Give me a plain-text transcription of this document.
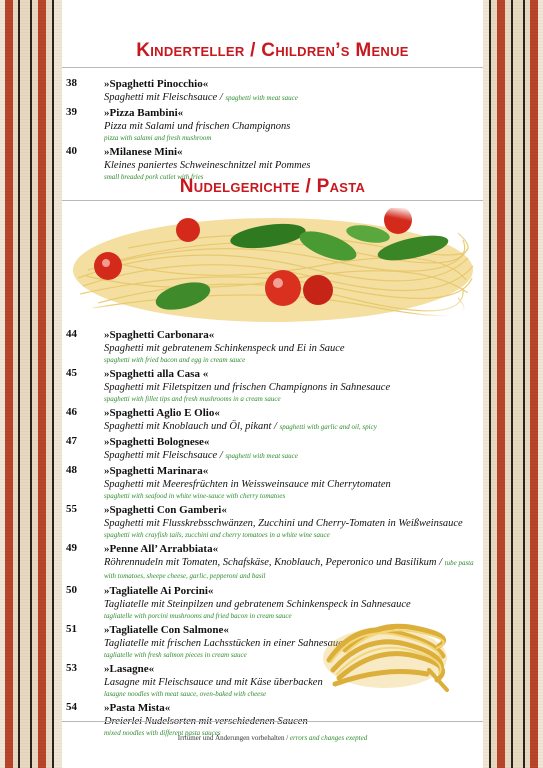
Kinderteller / Children’s Menue
38 »Spaghetti Pinocchio«
Spaghetti mit Fleischsauce / spaghetti with meat sauce
39 »Pizza Bambini«
Pizza mit Salami und frischen Champignons
pizza with salami and fresh mushroom
40 »Milanese Mini«
Kleines paniertes Schweineschnitzel mit Pommes
small breaded pork cutlet with fries
Nudelgerichte / Pasta
44 »Spaghetti Carbonara«
Spaghetti mit gebratenem Schinkenspeck und Ei in Sauce
spaghetti with fried bacon and egg in cream sauce
45 »Spaghetti alla Casa «
Spaghetti mit Filetspitzen und frischen Champignons in Sahnesauce
spaghetti with fillet tips and fresh mushrooms in a cream sauce
46 »Spaghetti Aglio E Olio«
Spaghetti mit Knoblauch und Öl, pikant / spaghetti with garlic and oil, spicy
47 »Spaghetti Bolognese«
Spaghetti mit Fleischsauce / spaghetti with meat sauce
48 »Spaghetti Marinara«
Spaghetti mit Meeresfrüchten in Weissweinsauce mit Cherrytomaten
spaghetti with seafood in white wine-sauce with cherry tomatoes
55 »Spaghetti Con Gamberi«
Spaghetti mit Flusskrebsschwänzen, Zucchini und Cherry-Tomaten in Weißweinsauce
spaghetti with crayfish tails, zucchini and cherry tomatoes in a white wine sauce
49 »Penne All’ Arrabbiata«
Röhrennudeln mit Tomaten, Schafskäse, Knoblauch, Peperonico und Basilikum / tube pasta with tomatoes, sheepe cheese, garlic, pepperoni and basil
50 »Tagliatelle Ai Porcini«
Tagliatelle mit Steinpilzen und gebratenem Schinkenspeck in Sahnesauce
tagliatelle with porcini mushrooms and fried bacon in cream sauce
51 »Tagliatelle Con Salmone«
Tagliatelle mit frischen Lachsstücken in einer Sahnesauce
tagliatelle with fresh salmon pieces in cream sauce
53 »Lasagne«
Lasagne mit Fleischsauce und mit Käse überbacken
lasagne noodles with meat sauce, oven-baked with cheese
54 »Pasta Mista«
mixed noodles with different pasta sauces
Irrtümer und Änderungen vorbehalten / errors and changes exepted
